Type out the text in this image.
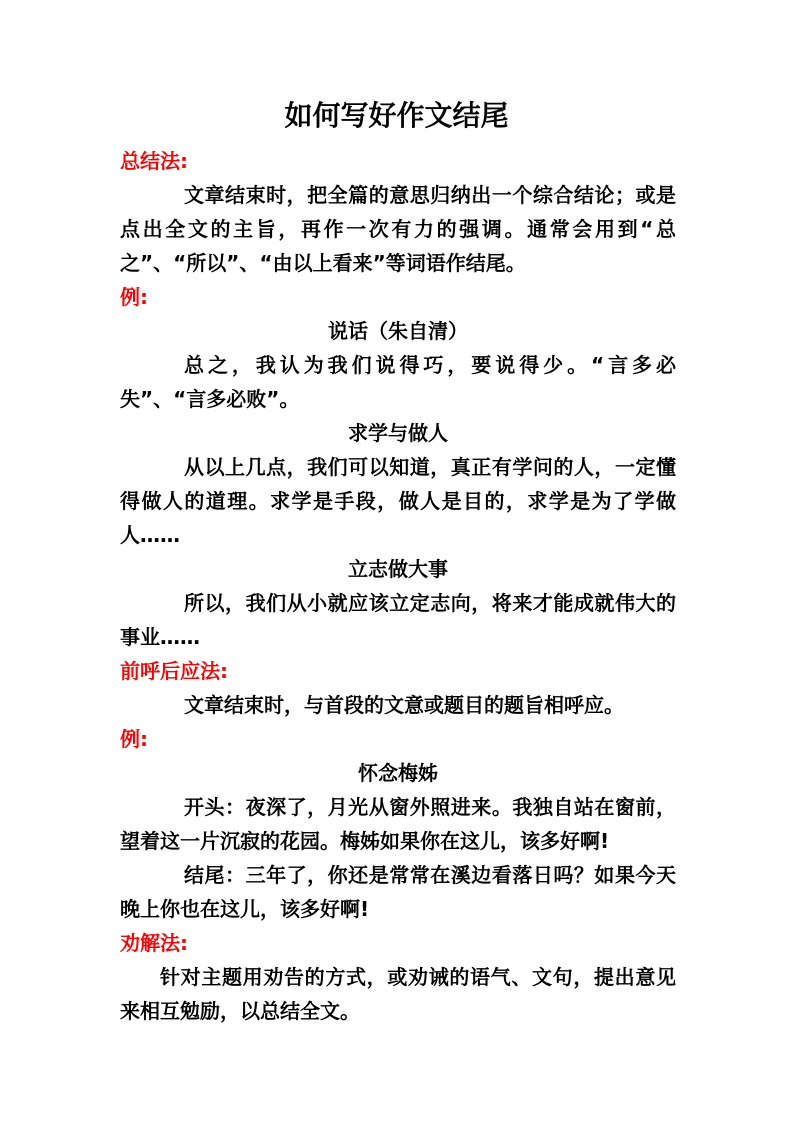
如何写好作文结尾
总结法:
文章结束时，把全篇的意思归纳出一个综合结论；或是点出全文的主旨，再作一次有力的强调。通常会用到“总之”、“所以”、“由以上看来”等词语作结尾。
例:
说话（朱自清）
总之，我认为我们说得巧，要说得少。“言多必失”、“言多必败”。
求学与做人
从以上几点，我们可以知道，真正有学问的人，一定懂得做人的道理。求学是手段，做人是目的，求学是为了学做人……
立志做大事
所以，我们从小就应该立定志向，将来才能成就伟大的事业……
前呼后应法:
文章结束时，与首段的文意或题目的题旨相呼应。
例:
怀念梅姊
开头：夜深了，月光从窗外照进来。我独自站在窗前，望着这一片沉寂的花园。梅姊如果你在这儿，该多好啊!
结尾：三年了，你还是常常在溪边看落日吗？如果今天晚上你也在这儿，该多好啊!
劝解法:
针对主题用劝告的方式，或劝诫的语气、文句，提出意见来相互勉励，以总结全文。
